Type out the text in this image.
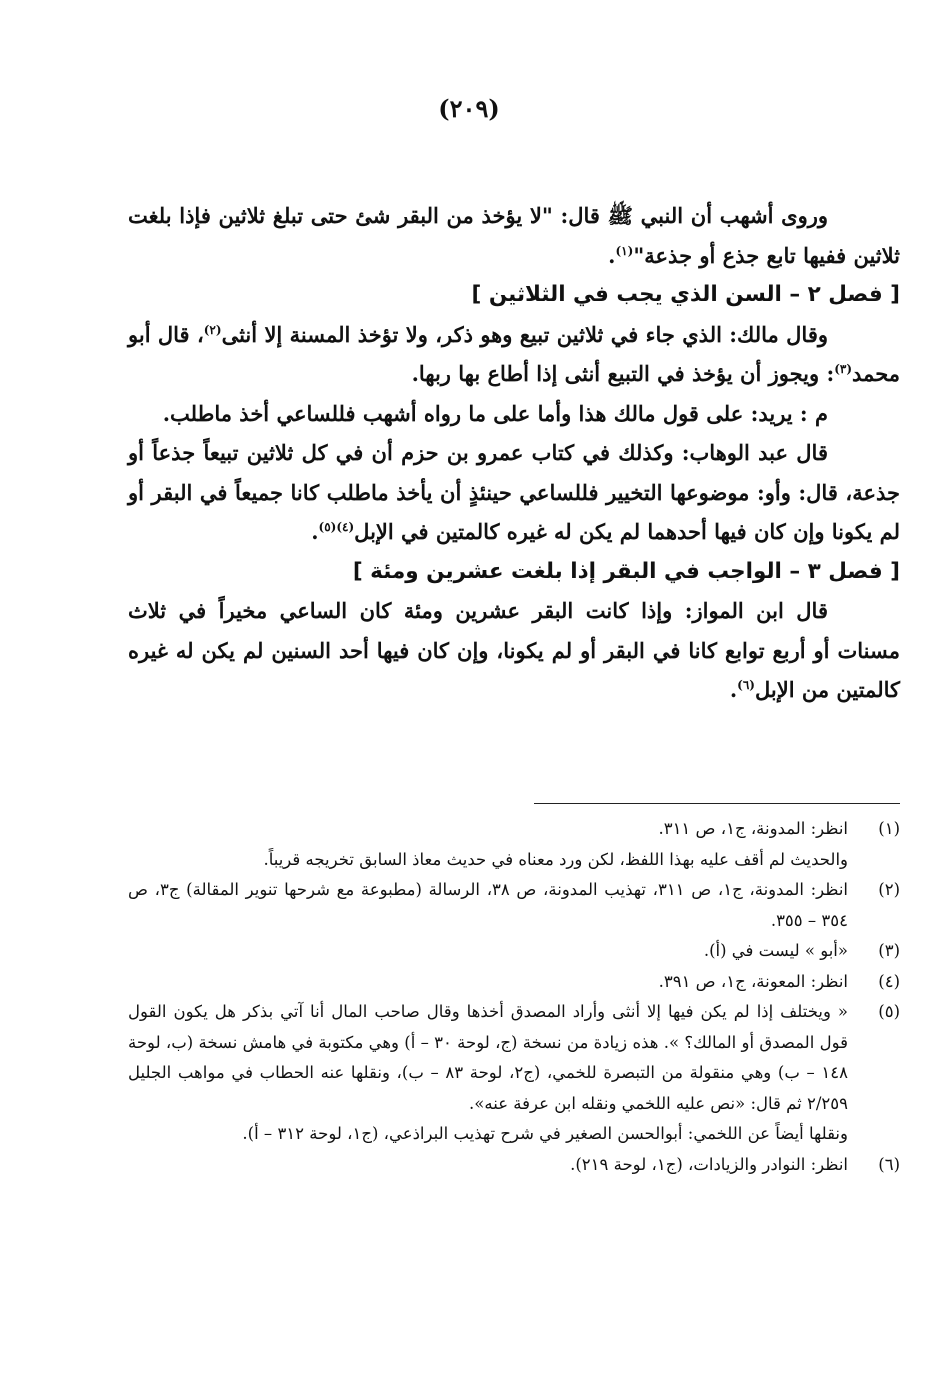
(٢٠٩)

وروى أشهب أن النبي ﷺ قال: "لا يؤخذ من البقر شئ حتى تبلغ ثلاثين فإذا بلغت ثلاثين ففيها تابع جذع أو جذعة"$^{(١)}$.

[ فصل ٢ – السن الذي يجب في الثلاثين ]

وقال مالك: الذي جاء في ثلاثين تبيع وهو ذكر، ولا تؤخذ المسنة إلا أنثى$^{(٢)}$، قال أبو محمد$^{(٣)}$: ويجوز أن يؤخذ في التبيع أنثى إذا أطاع بها ربها.

م : يريد: على قول مالك هذا وأما على ما رواه أشهب فللساعي أخذ ماطلب.

قال عبد الوهاب: وكذلك في كتاب عمرو بن حزم أن في كل ثلاثين تبيعاً جذعاً أو جذعة، قال: وأو: موضوعها التخيير فللساعي حينئذٍ أن يأخذ ماطلب كانا جميعاً في البقر أو لم يكونا وإن كان فيها أحدهما لم يكن له غيره كالمتين في الإبل$^{(٤)(٥)}$.

[ فصل ٣ – الواجب في البقر إذا بلغت عشرين ومئة ]

قال ابن المواز: وإذا كانت البقر عشرين ومئة كان الساعي مخيراً في ثلاث مسنات أو أربع توابع كانا في البقر أو لم يكونا، وإن كان فيها أحد السنين لم يكن له غيره كالمتين من الإبل$^{(٦)}$.

(١)

انظر: المدونة، ج١، ص ٣١١.

والحديث لم أقف عليه بهذا اللفظ، لكن ورد معناه في حديث معاذ السابق تخريجه قريباً.

(٢)

انظر: المدونة، ج١، ص ٣١١، تهذيب المدونة، ص ٣٨، الرسالة (مطبوعة مع شرحها تنوير المقالة) ج٣، ص ٣٥٤ – ٣٥٥.

(٣)

«أبو » ليست في (أ).

(٤)

انظر: المعونة، ج١، ص ٣٩١.

(٥)

« ويختلف إذا لم يكن فيها إلا أنثى وأراد المصدق أخذها وقال صاحب المال أنا آتي بذكر هل يكون القول قول المصدق أو المالك؟ ». هذه زيادة من نسخة (ج، لوحة ٣٠ – أ) وهي مكتوبة في هامش نسخة (ب، لوحة ١٤٨ – ب) وهي منقولة من التبصرة للخمي، (ج٢، لوحة ٨٣ – ب)، ونقلها عنه الحطاب في مواهب الجليل ٢/٢٥٩ ثم قال: «نص عليه اللخمي ونقله ابن عرفة عنه».

ونقلها أيضاً عن اللخمي: أبوالحسن الصغير في شرح تهذيب البراذعي، (ج١، لوحة ٣١٢ – أ).

(٦)

انظر: النوادر والزيادات، (ج١، لوحة ٢١٩).
